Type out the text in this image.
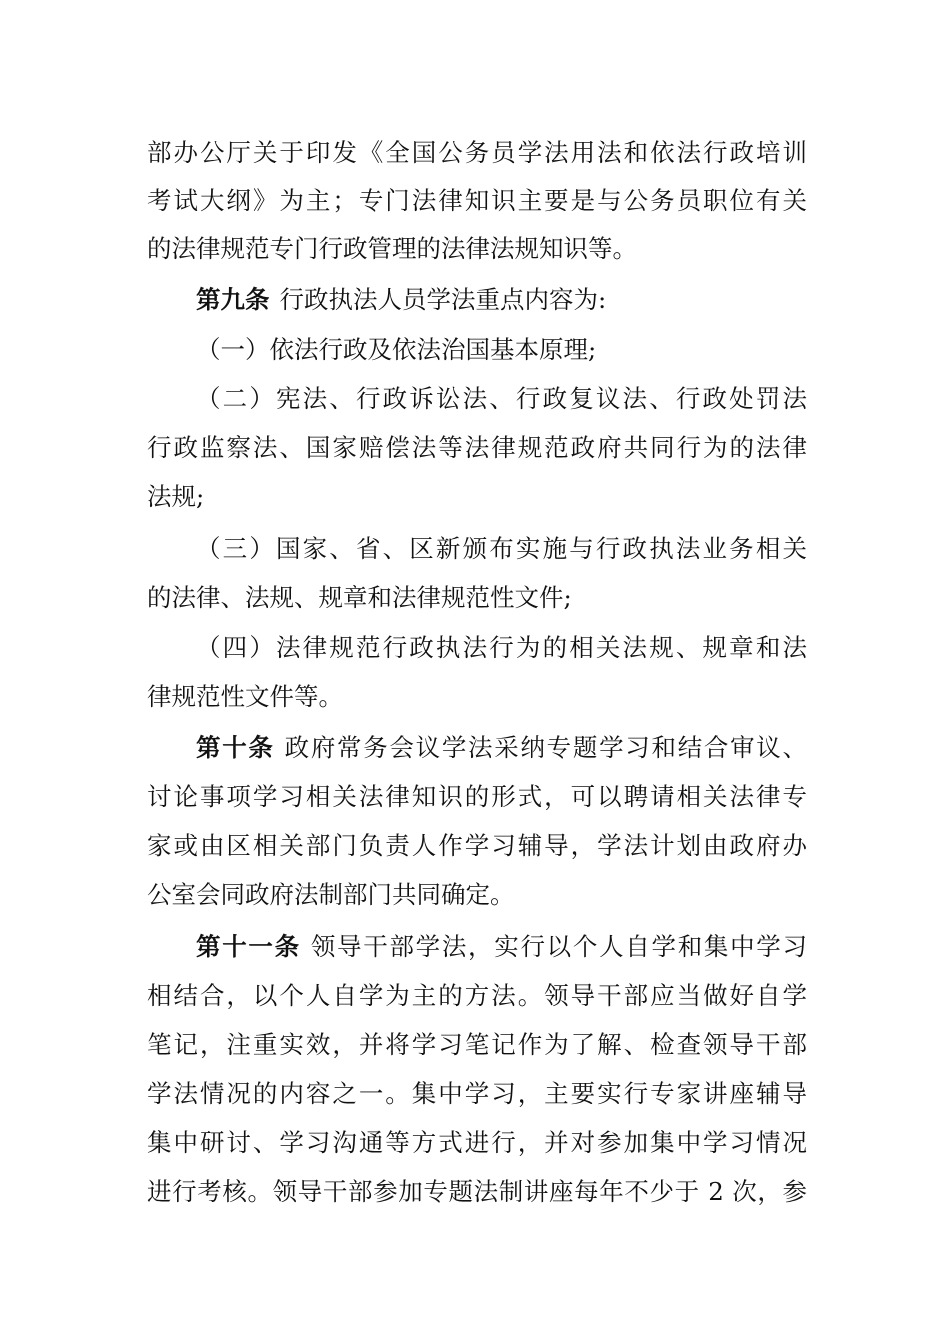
部办公厅关于印发《全国公务员学法用法和依法行政培训
考试大纲》为主；专门法律知识主要是与公务员职位有关
的法律规范专门行政管理的法律法规知识等。
第九条 行政执法人员学法重点内容为:
（一）依法行政及依法治国基本原理;
（二）宪法、行政诉讼法、行政复议法、行政处罚法
行政监察法、国家赔偿法等法律规范政府共同行为的法律
法规;
（三）国家、省、区新颁布实施与行政执法业务相关
的法律、法规、规章和法律规范性文件;
（四）法律规范行政执法行为的相关法规、规章和法
律规范性文件等。
第十条 政府常务会议学法采纳专题学习和结合审议、
讨论事项学习相关法律知识的形式，可以聘请相关法律专
家或由区相关部门负责人作学习辅导，学法计划由政府办
公室会同政府法制部门共同确定。
第十一条 领导干部学法，实行以个人自学和集中学习
相结合，以个人自学为主的方法。领导干部应当做好自学
笔记，注重实效，并将学习笔记作为了解、检查领导干部
学法情况的内容之一。集中学习，主要实行专家讲座辅导
集中研讨、学习沟通等方式进行，并对参加集中学习情况
进行考核。领导干部参加专题法制讲座每年不少于 2 次，参
